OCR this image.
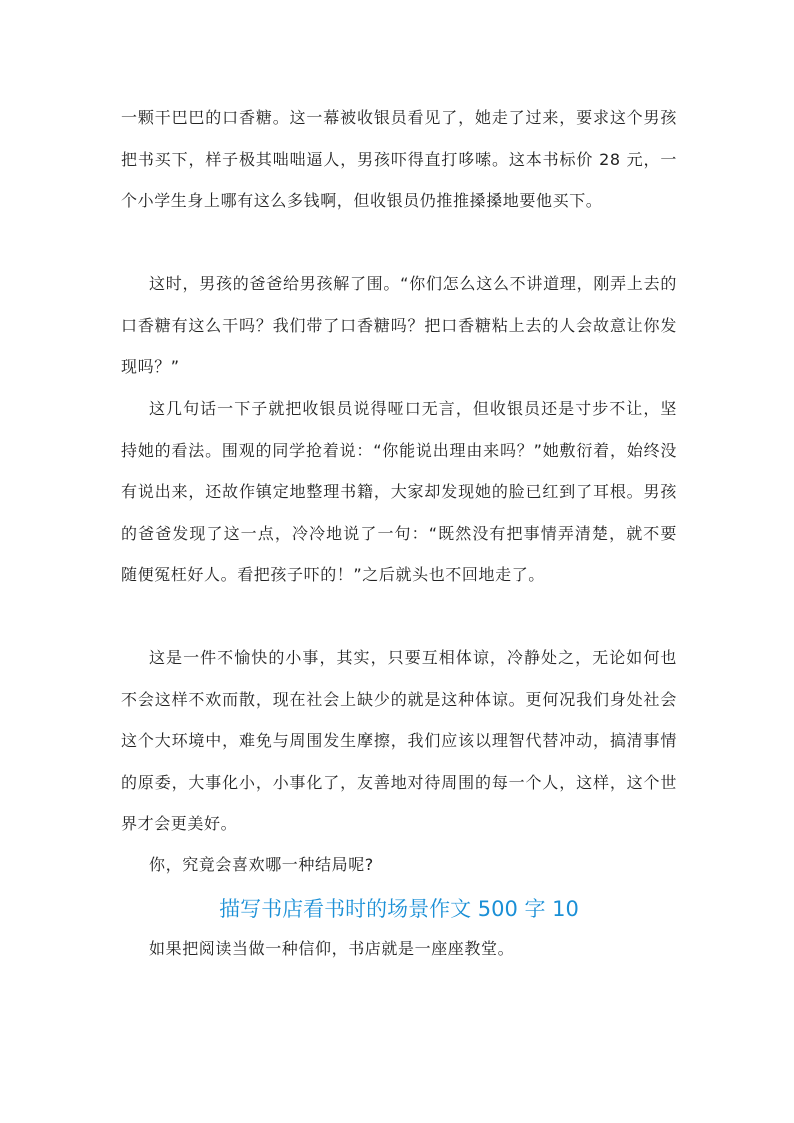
一颗干巴巴的口香糖。这一幕被收银员看见了，她走了过来，要求这个男孩把书买下，样子极其咄咄逼人，男孩吓得直打哆嗦。这本书标价 28 元，一个小学生身上哪有这么多钱啊，但收银员仍推推搡搡地要他买下。

这时，男孩的爸爸给男孩解了围。“你们怎么这么不讲道理，刚弄上去的口香糖有这么干吗？我们带了口香糖吗？把口香糖粘上去的人会故意让你发现吗？”

这几句话一下子就把收银员说得哑口无言，但收银员还是寸步不让，坚持她的看法。围观的同学抢着说：“你能说出理由来吗？”她敷衍着，始终没有说出来，还故作镇定地整理书籍，大家却发现她的脸已红到了耳根。男孩的爸爸发现了这一点，冷冷地说了一句：“既然没有把事情弄清楚，就不要随便冤枉好人。看把孩子吓的！”之后就头也不回地走了。

这是一件不愉快的小事，其实，只要互相体谅，冷静处之，无论如何也不会这样不欢而散，现在社会上缺少的就是这种体谅。更何况我们身处社会这个大环境中，难免与周围发生摩擦，我们应该以理智代替冲动，搞清事情的原委，大事化小，小事化了，友善地对待周围的每一个人，这样，这个世界才会更美好。

你，究竟会喜欢哪一种结局呢?

描写书店看书时的场景作文 500 字 10

如果把阅读当做一种信仰，书店就是一座座教堂。
